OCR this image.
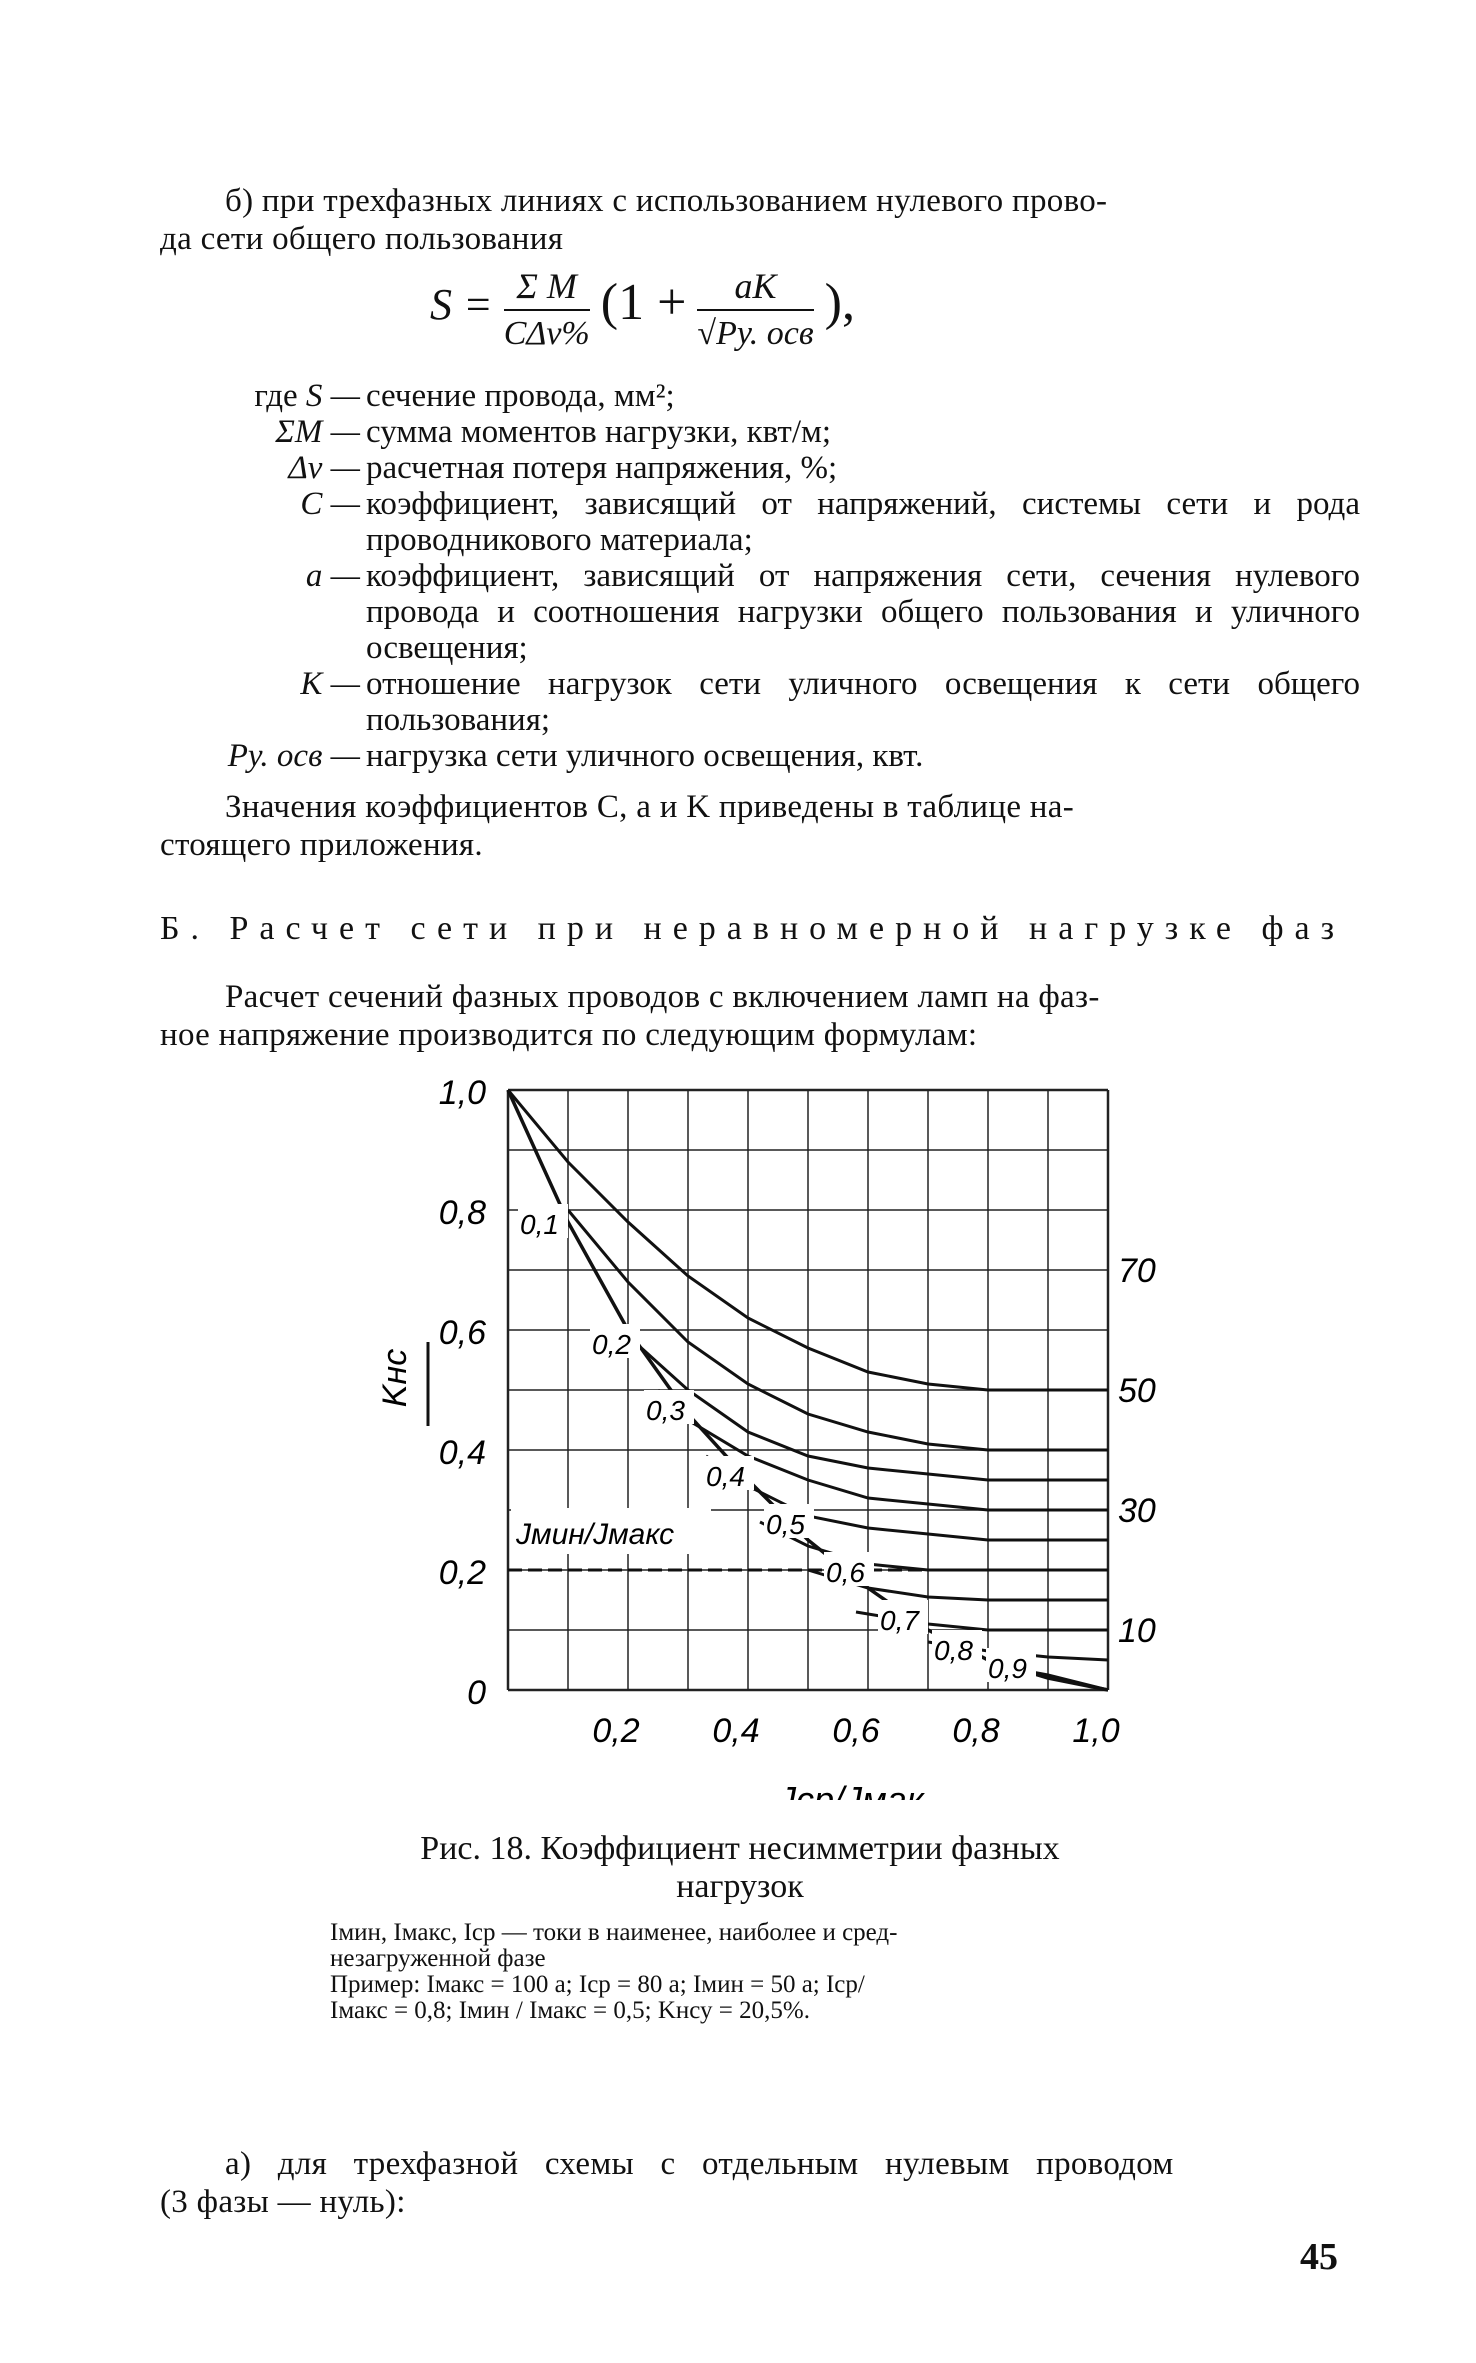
б) при трехфазных линиях с использованием нулевого прово-
да сети общего пользования
$S = \frac{\text{Σ M}}{\text{CΔv\%}} (1 + \frac{aK}{\text{√Pу. осв}}$ ),
где S — сечение провода, мм²;
ΣM — сумма моментов нагрузки, квт/м;
Δv — расчетная потеря напряжения, %;
C — коэффициент, зависящий от напряжений, системы сети и рода проводникового материала;
a — коэффициент, зависящий от напряжения сети, сечения нулевого провода и соотношения нагрузки общего пользования и уличного освещения;
K — отношение нагрузок сети уличного освещения к сети общего пользования;
Pу. осв — нагрузка сети уличного освещения, квт.
Значения коэффициентов C, a и K приведены в таблице на-
стоящего приложения.
Б. Расчет сети при неравномерной нагрузке фаз
Расчет сечений фазных проводов с включением ламп на фаз-
ное напряжение производится по следующим формулам:
0
0,2
0,4
0,6
0,8
1,0
0,2 0,4 0,6 0,8 1,0
10
30
50
70
Kнс
Jср/Jмак
Jмин/Jмакс
0,1
0,2
0,3
0,4
0,5
0,6
0,7
0,8
0,9
Рис. 18. Коэффициент несимметрии фазных
нагрузок
Iмин, Iмакс, Iср — токи в наименее, наиболее и сред-
незагруженной фазе
Пример: Iмакс = 100 а; Iср = 80 а; Iмин = 50 а; Iср/
Iмакс = 0,8; Iмин / Iмакс = 0,5; Kнсу = 20,5%.
а) для трехфазной схемы с отдельным нулевым проводом
(3 фазы — нуль):
45
